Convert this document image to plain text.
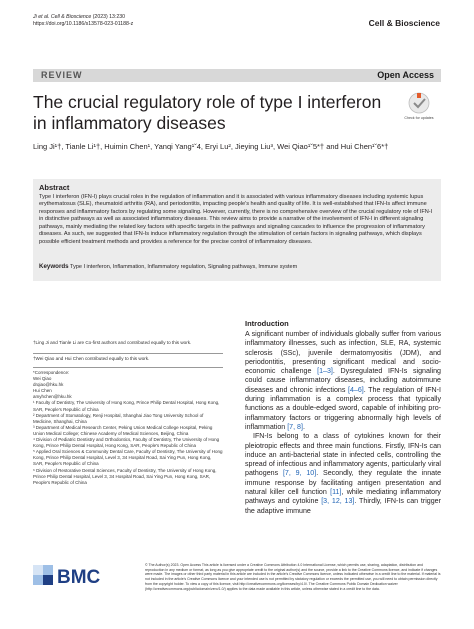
Ji et al. Cell & Bioscience (2023) 13:230
https://doi.org/10.1186/s13578-023-01188-z	Cell & Bioscience
REVIEW	Open Access
The crucial regulatory role of type I interferon in inflammatory diseases	Check for updates
Ling Ji¹†, Tianle Li¹†, Huimin Chen¹, Yanqi Yang¹˘4, Eryi Lu², Jieying Liu³, Wei Qiao¹˘5*† and Hui Chen¹˘6*†
Abstract
Type I interferon (IFN-I) plays crucial roles in the regulation of inflammation and it is associated with various inflammatory diseases including systemic lupus erythematosus (SLE), rheumatoid arthritis (RA), and periodontitis, impacting people's health and quality of life. It is well-established that IFN-Is affect immune responses and inflammatory factors by regulating some signaling. However, currently, there is no comprehensive overview of the crucial regulatory role of IFN-I in distinctive pathways as well as associated inflammatory diseases. This review aims to provide a narrative of the involvement of IFN-I in different signaling pathways, mainly mediating the related key factors with specific targets in the pathways and signaling cascades to influence the progression of inflammatory diseases. As such, we suggested that IFN-Is induce inflammatory regulation through the stimulation of certain factors in signaling pathways, which displays possible efficient treatment methods and provides a reference for the precise control of inflammatory diseases.
Keywords Type I interferon, Inflammation, Inflammatory regulation, Signaling pathways, Immune system
†Ling Ji and Tianle Li are Co-first authors and contributed equally to this work.
†Wei Qiao and Hui Chen contributed equally to this work.
*Correspondence:
Wei Qiao
drqiao@hku.hk
Hui Chen
amyhchen@hku.hk
¹ Faculty of Dentistry, The University of Hong Kong, Prince Philip Dental Hospital, Hong Kong, SAR, People's Republic of China
² Department of Stomatology, Renji Hospital, Shanghai Jiao Tong University School of Medicine, Shanghai, China
³ Department of Medical Research Center, Peking Union Medical College Hospital, Peking Union Medical College; Chinese Academy of Medical Sciences, Beijing, China
⁴ Division of Pediatric Dentistry and Orthodontics, Faculty of Dentistry, The University of Hong Kong, Prince Philip Dental Hospital, Hong Kong, SAR, People's Republic of China
⁵ Applied Oral Sciences & Community Dental Care, Faculty of Dentistry, The University of Hong Kong, Prince Philip Dental Hospital, Level 3, 34 Hospital Road, Sai Ying Pun, Hong Kong, SAR, People's Republic of China
⁶ Division of Restorative Dental Sciences, Faculty of Dentistry, The University of Hong Kong, Prince Philip Dental Hospital, Level 3, 34 Hospital Road, Sai Ying Pun, Hong Kong, SAR, People's Republic of China
Introduction
A significant number of individuals globally suffer from various inflammatory illnesses, such as infection, SLE, RA, systemic sclerosis (SSc), juvenile dermatomyositis (JDM), and periodontitis, presenting significant medical and socio-economic challenge [1–3]. Dysregulated IFN-Is signaling could cause inflammatory diseases, including autoimmune diseases and chronic infections [4–6]. The regulation of IFN-I during inflammation is a complex process that typically functions as a double-edged sword, capable of inhibiting pro-inflammatory factors or triggering abnormally high levels of inflammation [7, 8].
IFN-Is belong to a class of cytokines known for their pleiotropic effects and three main functions. Firstly, IFN-Is can induce an anti-bacterial state in infected cells, controlling the spread of infectious and inflammatory agents, particularly viral pathogens [7, 9, 10]. Secondly, they regulate the innate immune response by facilitating antigen presentation and natural killer cell function [11], while mediating inflammatory pathways and cytokine [3, 12, 13]. Thirdly, IFN-Is can trigger the adaptive immune
BMC
© The Author(s) 2023. Open Access This article is licensed under a Creative Commons Attribution 4.0 International License, which permits use, sharing, adaptation, distribution and reproduction in any medium or format, as long as you give appropriate credit to the original author(s) and the source, provide a link to the Creative Commons licence, and indicate if changes were made. The images or other third party material in this article are included in the article's Creative Commons licence, unless indicated otherwise in a credit line to the material. If material is not included in the article's Creative Commons licence and your intended use is not permitted by statutory regulation or exceeds the permitted use, you will need to obtain permission directly from the copyright holder. To view a copy of this licence, visit http://creativecommons.org/licenses/by/4.0/. The Creative Commons Public Domain Dedication waiver (http://creativecommons.org/publicdomain/zero/1.0/) applies to the data made available in this article, unless otherwise stated in a credit line to the data.
